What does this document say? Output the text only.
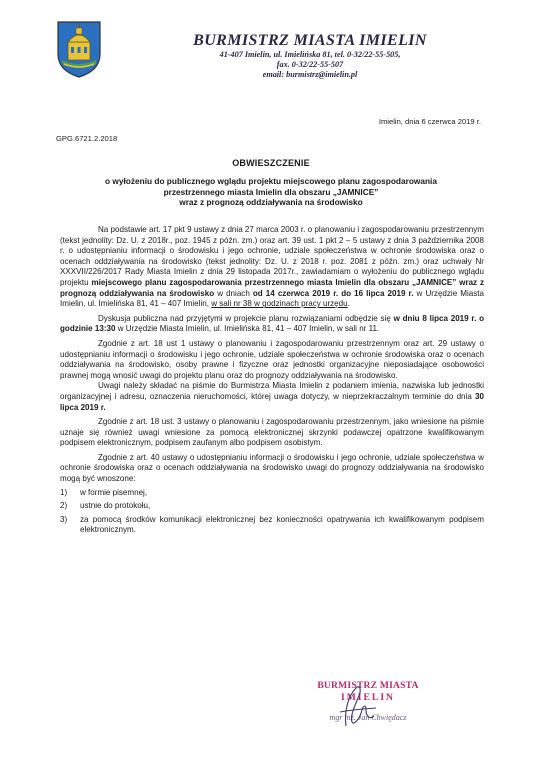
BURMISTRZ MIASTA IMIELIN
41-407 Imielin, ul. Imielińska 81, tel. 0-32/22-55-505,
fax. 0-32/22-55-507
email: burmistrz@imielin.pl
Imielin, dnia 6 czerwca 2019 r.
GPG.6721.2.2018
OBWIESZCZENIE
o wyłożeniu do publicznego wglądu projektu miejscowego planu zagospodarowania
przestrzennego miasta Imielin dla obszaru „JAMNICE”
wraz z prognozą oddziaływania na środowisko

Na podstawie art. 17 pkt 9 ustawy z dnia 27 marca 2003 r. o planowaniu i zagospodarowaniu przestrzennym (tekst jednolity: Dz. U. z 2018r., poz. 1945 z późn. zm.) oraz art. 39 ust. 1 pkt 2 – 5 ustawy z dnia 3 października 2008 r. o udostępnianiu informacji o środowisku i jego ochronie, udziale społeczeństwa w ochronie środowiska oraz o ocenach oddziaływania na środowisko (tekst jednolity: Dz. U. z 2018 r. poz. 2081 z późn. zm.) oraz uchwały Nr XXXVII/226/2017 Rady Miasta Imielin z dnia 29 listopada 2017r., zawiadamiam o wyłożeniu do publicznego wglądu projektu miejscowego planu zagospodarowania przestrzennego miasta Imielin dla obszaru „JAMNICE” wraz z prognozą oddziaływania na środowisko w dniach od 14 czerwca 2019 r. do 16 lipca 2019 r. w Urzędzie Miasta Imielin, ul. Imielińska 81, 41 – 407 Imielin, w sali nr 38 w godzinach pracy urzędu.

Dyskusja publiczna nad przyjętymi w projekcie planu rozwiązaniami odbędzie się w dniu 8 lipca 2019 r. o godzinie 13:30 w Urzędzie Miasta Imielin, ul. Imielińska 81, 41 – 407 Imielin, w sali nr 11.

Zgodnie z art. 18 ust 1 ustawy o planowaniu i zagospodarowaniu przestrzennym oraz art. 29 ustawy o udostępnianiu informacji o środowisku i jego ochronie, udziale społeczeństwa w ochronie środowiska oraz o ocenach oddziaływania na środowisko, osoby prawne i fizyczne oraz jednostki organizacyjne nieposiadające osobowości prawnej mogą wnosić uwagi do projektu planu oraz do prognozy oddziaływania na środowisko.

Uwagi należy składać na piśmie do Burmistrza Miasta Imielin z podaniem imienia, nazwiska lub jednostki organizacyjnej i adresu, oznaczenia nieruchomości, której uwaga dotyczy, w nieprzekraczalnym terminie do dnia 30 lipca 2019 r.

Zgodnie z art. 18 ust. 3 ustawy o planowaniu i zagospodarowaniu przestrzennym, jako wniesione na piśmie uznaje się również uwagi wniesione za pomocą elektronicznej skrzynki podawczej opatrzone kwalifikowanym podpisem elektronicznym, podpisem zaufanym albo podpisem osobistym.

Zgodnie z art. 40 ustawy o udostępnianiu informacji o środowisku i jego ochronie, udziale społeczeństwa w ochronie środowiska oraz o ocenach oddziaływania na środowisko uwagi do prognozy oddziaływania na środowisko mogą być wnoszone:

1)	w formie pisemnej,
2)	ustnie do protokołu,
3)	za pomocą środków komunikacji elektronicznej bez konieczności opatrywania ich kwalifikowanym podpisem elektronicznym.
BURMISTRZ MIASTA
IMIELIN
mgr inż. Jan Chwiędacz
